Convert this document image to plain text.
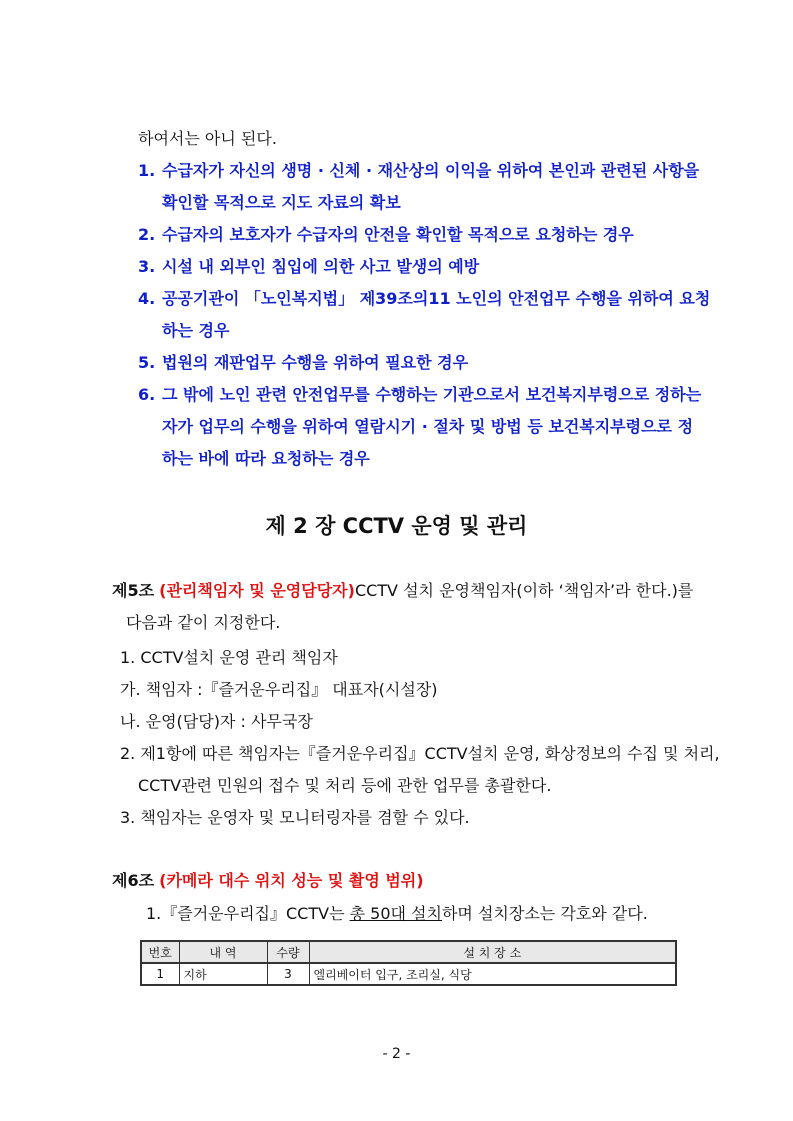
하여서는 아니 된다.
1. 수급자가 자신의 생명 · 신체 · 재산상의 이익을 위하여 본인과 관련된 사항을
확인할 목적으로 지도 자료의 확보
2. 수급자의 보호자가 수급자의 안전을 확인할 목적으로 요청하는 경우
3. 시설 내 외부인 침입에 의한 사고 발생의 예방
4. 공공기관이 「노인복지법」 제39조의11 노인의 안전업무 수행을 위하여 요청
하는 경우
5. 법원의 재판업무 수행을 위하여 필요한 경우
6. 그 밖에 노인 관련 안전업무를 수행하는 기관으로서 보건복지부령으로 정하는
자가 업무의 수행을 위하여 열람시기 · 절차 및 방법 등 보건복지부령으로 정
하는 바에 따라 요청하는 경우
제 2 장 CCTV 운영 및 관리
제5조 (관리책임자 및 운영담당자) CCTV 설치 운영책임자(이하 ‘책임자’라 한다.)를
다음과 같이 지정한다.
1. CCTV설치 운영 관리 책임자
가. 책임자 :『즐거운우리집』 대표자(시설장)
나. 운영(담당)자 : 사무국장
2. 제1항에 따른 책임자는『즐거운우리집』CCTV설치 운영, 화상정보의 수집 및 처리,
CCTV관련 민원의 접수 및 처리 등에 관한 업무를 총괄한다.
3. 책임자는 운영자 및 모니터링자를 겸할 수 있다.
제6조 (카메라 대수 위치 성능 및 촬영 범위)
1.『즐거운우리집』CCTV는 총 50대 설치하며 설치장소는 각호와 같다.
번호	내 역	수량	설 치 장 소
1	지하	3	엘리베이터 입구, 조리실, 식당
- 2 -
